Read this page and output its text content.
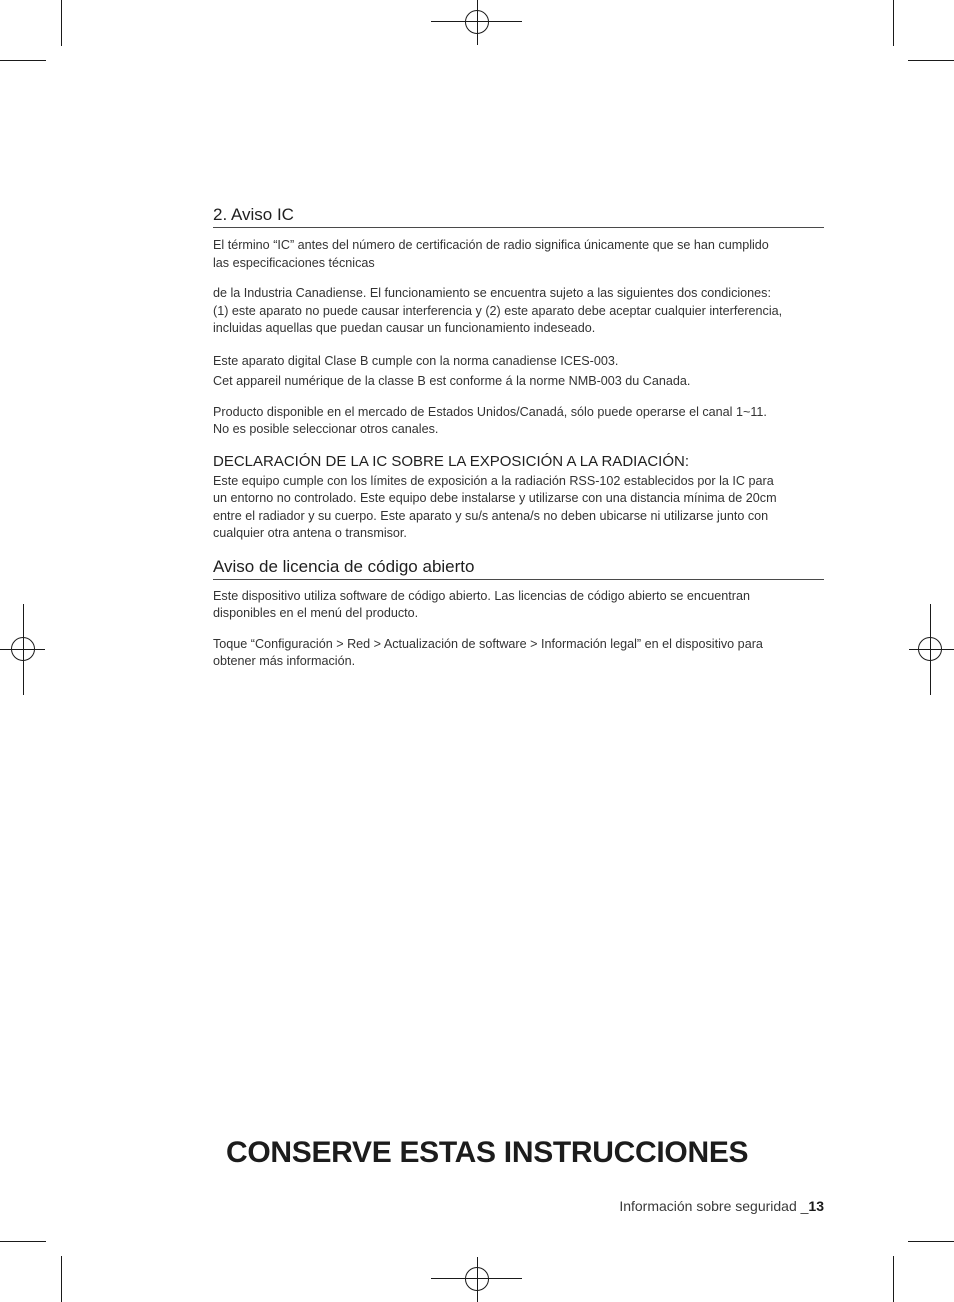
2. Aviso IC

El término “IC” antes del número de certificación de radio significa únicamente que se han cumplido
las especificaciones técnicas

de la Industria Canadiense. El funcionamiento se encuentra sujeto a las siguientes dos condiciones:
(1) este aparato no puede causar interferencia y (2) este aparato debe aceptar cualquier interferencia,
incluidas aquellas que puedan causar un funcionamiento indeseado.

Este aparato digital Clase B cumple con la norma canadiense ICES-003.
Cet appareil numérique de la classe B est conforme á la norme NMB-003 du Canada.

Producto disponible en el mercado de Estados Unidos/Canadá, sólo puede operarse el canal 1~11.
No es posible seleccionar otros canales.

DECLARACIÓN DE LA IC SOBRE LA EXPOSICIÓN A LA RADIACIÓN:

Este equipo cumple con los límites de exposición a la radiación RSS-102 establecidos por la IC para
un entorno no controlado. Este equipo debe instalarse y utilizarse con una distancia mínima de 20cm
entre el radiador y su cuerpo. Este aparato y su/s antena/s no deben ubicarse ni utilizarse junto con
cualquier otra antena o transmisor.

Aviso de licencia de código abierto

Este dispositivo utiliza software de código abierto. Las licencias de código abierto se encuentran
disponibles en el menú del producto.

Toque “Configuración > Red > Actualización de software > Información legal” en el dispositivo para
obtener más información.

CONSERVE ESTAS INSTRUCCIONES
Información sobre seguridad _13
